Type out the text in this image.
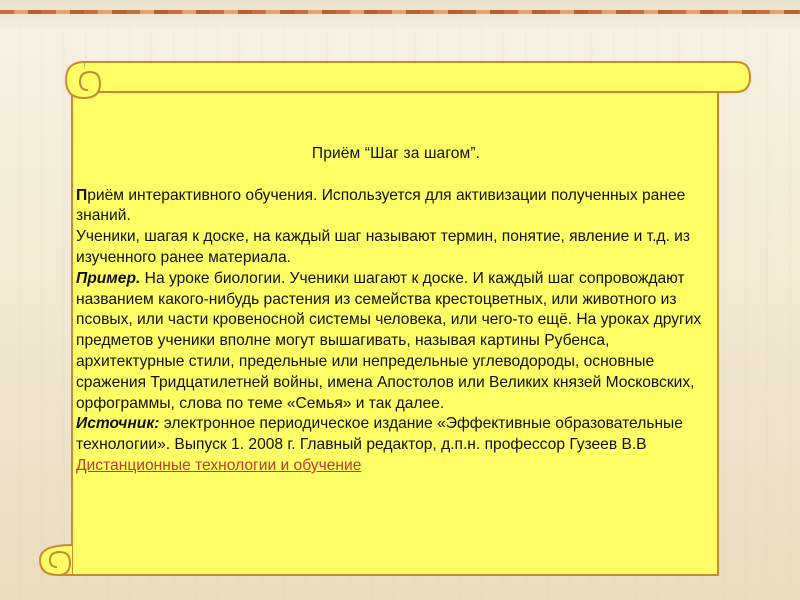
Приём “Шаг за шагом”.

Приём интерактивного обучения. Используется для активизации полученных ранее знаний.

Ученики, шагая к доске, на каждый шаг называют термин, понятие, явление и т.д. из изученного ранее материала.

Пример. На уроке биологии. Ученики шагают к доске. И каждый шаг сопровождают названием какого-нибудь растения из семейства крестоцветных, или животного из псовых, или части кровеносной системы человека, или чего-то ещё. На уроках других предметов ученики вполне могут вышагивать, называя картины Рубенса, архитектурные стили, предельные или непредельные углеводороды, основные сражения Тридцатилетней войны, имена Апостолов или Великих князей Московских, орфограммы, слова по теме «Семья» и так далее.

Источник: электронное периодическое издание «Эффективные образовательные технологии». Выпуск 1. 2008 г. Главный редактор, д.п.н. профессор Гузеев В.В Дистанционные технологии и обучение
